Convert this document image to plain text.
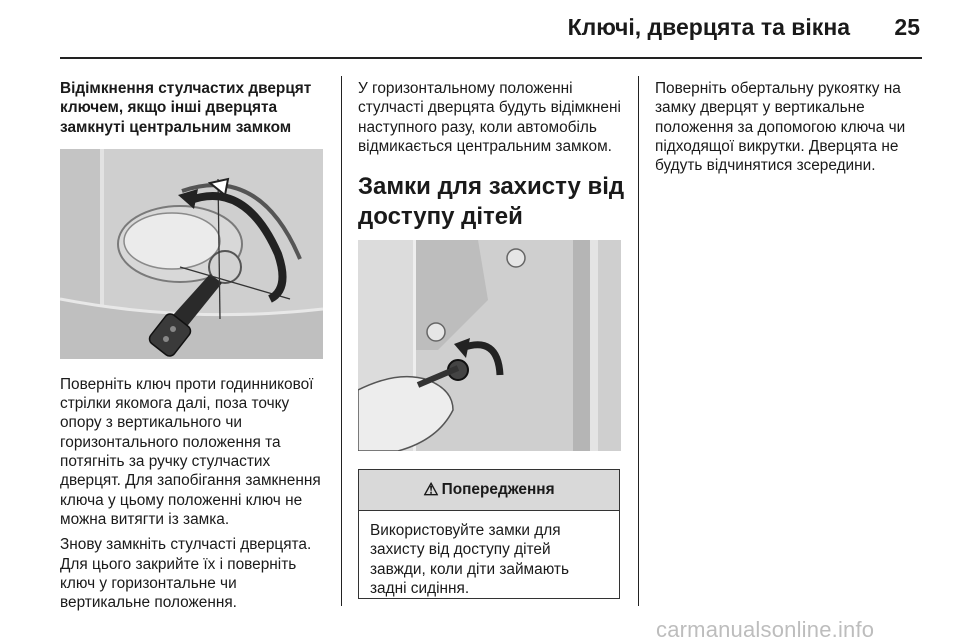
Ключі, дверцята та вікна	25

Відімкнення стулчастих дверцят ключем, якщо інші дверцята замкнуті центральним замком

Поверніть ключ проти годинникової стрілки якомога далі, поза точку опору з вертикального чи горизонтального положення та потягніть за ручку стулчастих дверцят. Для запобігання замкнення ключа у цьому положенні ключ не можна витягти із замка.

Знову замкніть стулчасті дверцята. Для цього закрийте їх і поверніть ключ у горизонтальне чи вертикальне положення.

У горизонтальному положенні стулчасті дверцята будуть відімкнені наступного разу, коли автомобіль відмикається центральним замком.

Замки для захисту від доступу дітей
⚠ Попередження
Використовуйте замки для захисту від доступу дітей завжди, коли діти займають задні сидіння.

Поверніть обертальну рукоятку на замку дверцят у вертикальне положення за допомогою ключа чи підходящої викрутки. Дверцята не будуть відчинятися зсередини.

carmanualsonline.info
